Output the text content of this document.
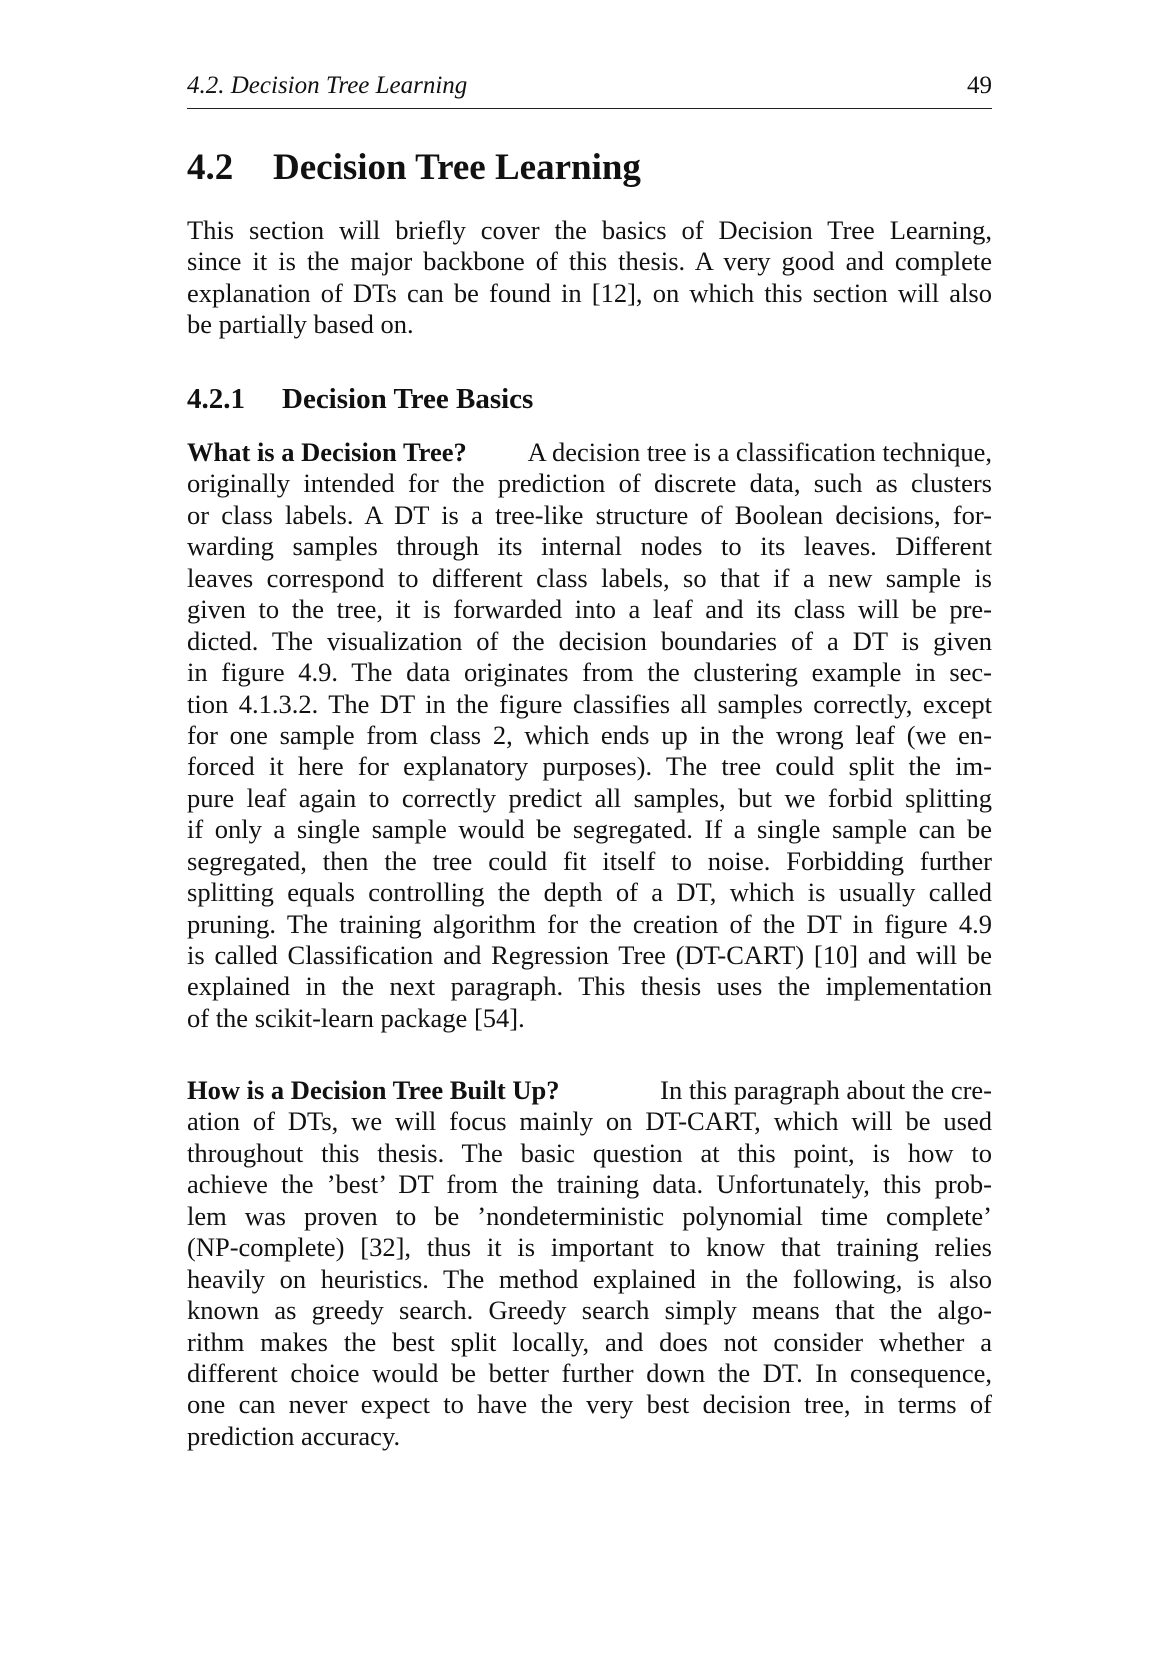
4.2. Decision Tree Learning	49
4.2 Decision Tree Learning
This section will briefly cover the basics of Decision Tree Learning,
since it is the major backbone of this thesis. A very good and complete
explanation of DTs can be found in [12], on which this section will also
be partially based on.
4.2.1 Decision Tree Basics
What is a Decision Tree? A decision tree is a classification technique,
originally intended for the prediction of discrete data, such as clusters
or class labels. A DT is a tree-like structure of Boolean decisions, for-
warding samples through its internal nodes to its leaves. Different
leaves correspond to different class labels, so that if a new sample is
given to the tree, it is forwarded into a leaf and its class will be pre-
dicted. The visualization of the decision boundaries of a DT is given
in figure 4.9. The data originates from the clustering example in sec-
tion 4.1.3.2. The DT in the figure classifies all samples correctly, except
for one sample from class 2, which ends up in the wrong leaf (we en-
forced it here for explanatory purposes). The tree could split the im-
pure leaf again to correctly predict all samples, but we forbid splitting
if only a single sample would be segregated. If a single sample can be
segregated, then the tree could fit itself to noise. Forbidding further
splitting equals controlling the depth of a DT, which is usually called
pruning. The training algorithm for the creation of the DT in figure 4.9
is called Classification and Regression Tree (DT-CART) [10] and will be
explained in the next paragraph. This thesis uses the implementation
of the scikit-learn package [54].
How is a Decision Tree Built Up?	In this paragraph about the cre-
ation of DTs, we will focus mainly on DT-CART, which will be used
throughout this thesis. The basic question at this point, is how to
achieve the ’best’ DT from the training data. Unfortunately, this prob-
lem was proven to be ’nondeterministic polynomial time complete’
(NP-complete) [32], thus it is important to know that training relies
heavily on heuristics. The method explained in the following, is also
known as greedy search. Greedy search simply means that the algo-
rithm makes the best split locally, and does not consider whether a
different choice would be better further down the DT. In consequence,
one can never expect to have the very best decision tree, in terms of
prediction accuracy.
